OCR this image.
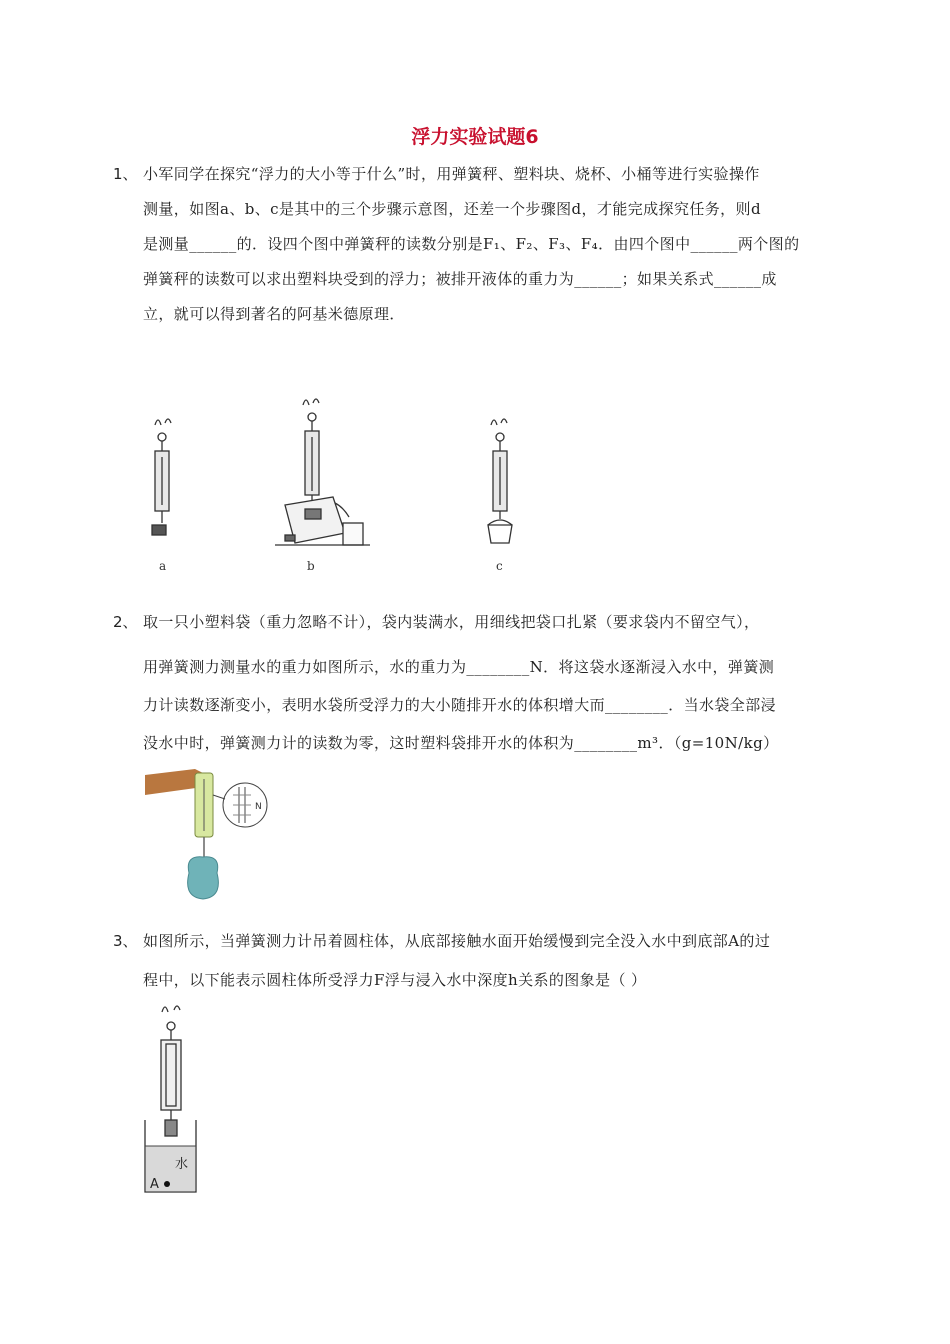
浮力实验试题6
1、 小军同学在探究“浮力的大小等于什么”时，用弹簧秤、塑料块、烧杯、小桶等进行实验操作
测量，如图a、b、c是其中的三个步骤示意图，还差一个步骤图d，才能完成探究任务，则d
是测量______的．设四个图中弹簧秤的读数分别是F₁、F₂、F₃、F₄．由四个图中______两个图的
弹簧秤的读数可以求出塑料块受到的浮力；被排开液体的重力为______；如果关系式______成
立，就可以得到著名的阿基米德原理．
a	b	c
2、 取一只小塑料袋（重力忽略不计），袋内装满水，用细线把袋口扎紧（要求袋内不留空气），
用弹簧测力测量水的重力如图所示，水的重力为________N．将这袋水逐渐浸入水中，弹簧测
力计读数逐渐变小，表明水袋所受浮力的大小随排开水的体积增大而________．当水袋全部浸
没水中时，弹簧测力计的读数为零，这时塑料袋排开水的体积为________m³．（g=10N/kg）
N
3、 如图所示，当弹簧测力计吊着圆柱体，从底部接触水面开始缓慢到完全没入水中到底部A的过
程中，以下能表示圆柱体所受浮力F浮与浸入水中深度h关系的图象是（ ）
水
A
